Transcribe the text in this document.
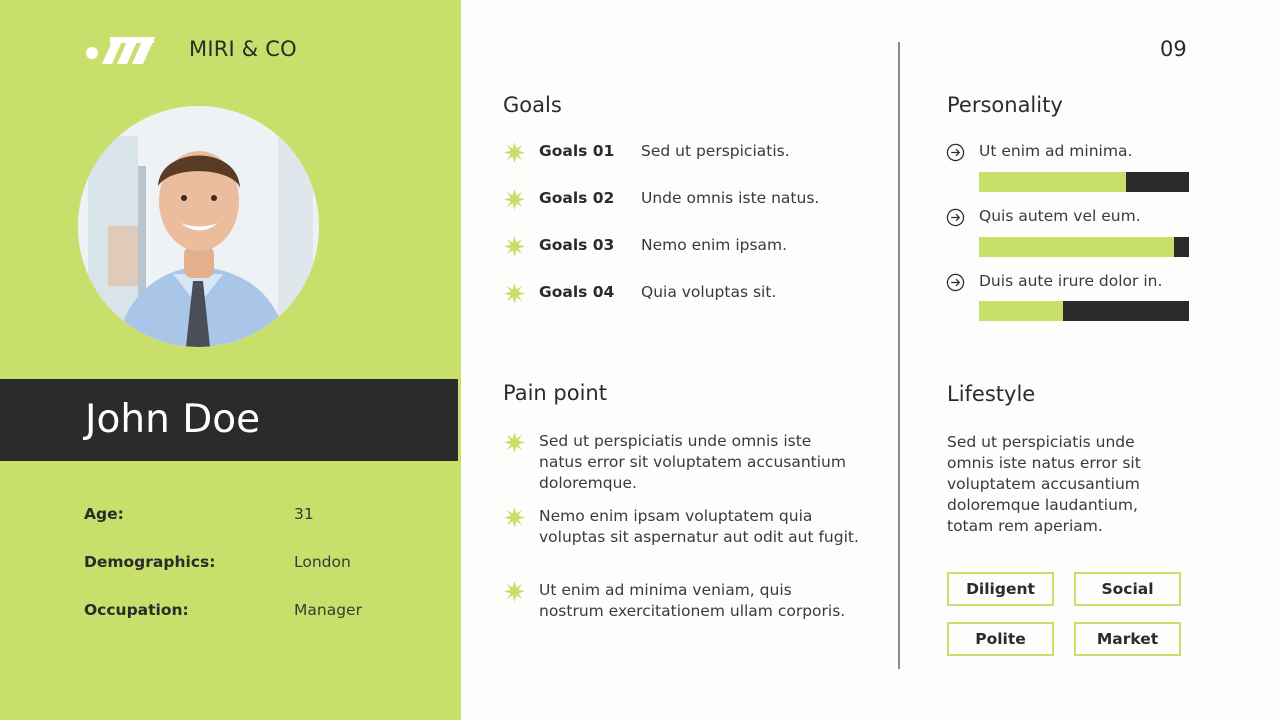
MIRI & CO
John Doe
Age:	31
Demographics:	London
Occupation:	Manager
Goals
Goals 01 Sed ut perspiciatis.
Goals 02 Unde omnis iste natus.
Goals 03 Nemo enim ipsam.
Goals 04 Quia voluptas sit.
Pain point
Sed ut perspiciatis unde omnis iste natus error sit voluptatem accusantium doloremque.
Nemo enim ipsam voluptatem quia voluptas sit aspernatur aut odit aut fugit.
Ut enim ad minima veniam, quis nostrum exercitationem ullam corporis.
09
Personality
Ut enim ad minima.
Quis autem vel eum.
Duis aute irure dolor in.
Lifestyle
Sed ut perspiciatis unde omnis iste natus error sit voluptatem accusantium doloremque laudantium, totam rem aperiam.
Diligent	Social
Polite	Market
